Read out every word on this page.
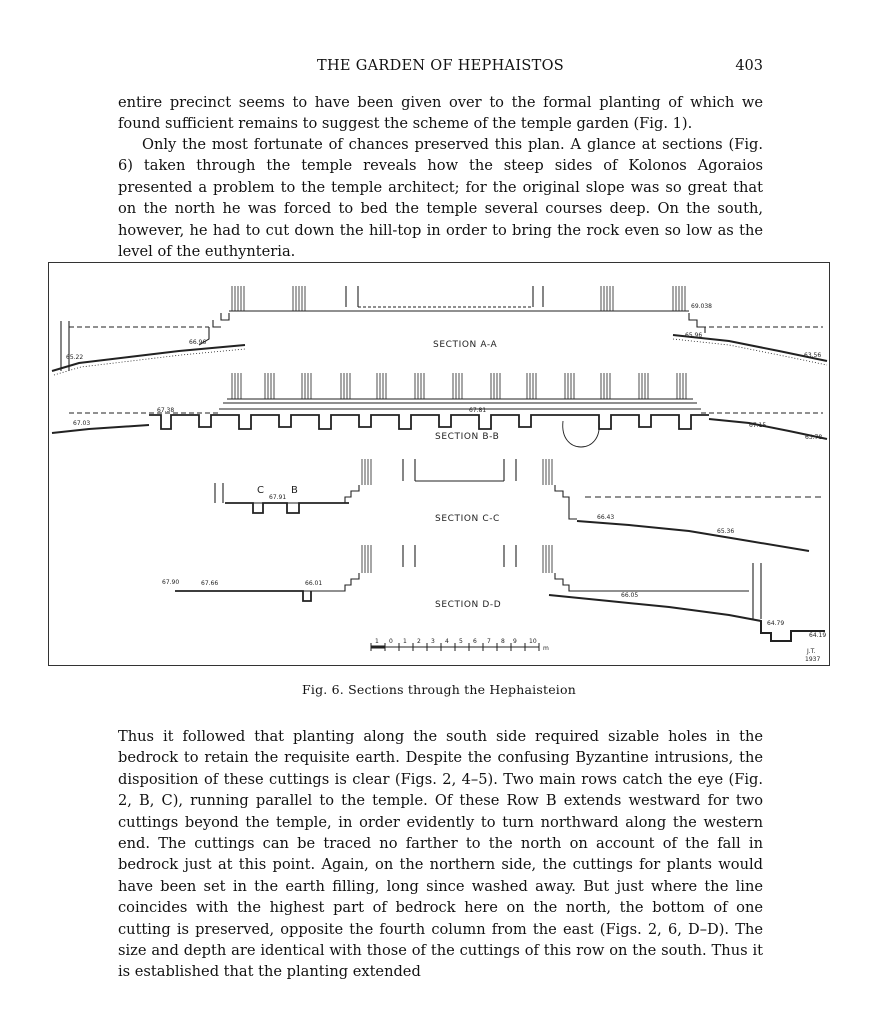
THE GARDEN OF HEPHAISTOS	403

entire precinct seems to have been given over to the formal planting of which we found sufficient remains to suggest the scheme of the temple garden (Fig. 1).

Only the most fortunate of chances preserved this plan. A glance at sections (Fig. 6) taken through the temple reveals how the steep sides of Kolonos Agoraios presented a problem to the temple architect; for the original slope was so great that on the north he was forced to bed the temple several courses deep. On the south, however, he had to cut down the hill-top in order to bring the rock even so low as the level of the euthynteria.

SECTION A-A
65.22
66.96
69.038
65.96
63.56
SECTION B-B
67.38
67.03
67.81
67.15
63.78
C	B
67.91
SECTION C-C	66.43
65.36
67.90	67.66	66.01
SECTION D-D
66.05
64.79
64.19
1 0 1 2 3 4 5 6 7 8 9 10
m	J.T.
1937
Fig. 6. Sections through the Hephaisteion

Thus it followed that planting along the south side required sizable holes in the bedrock to retain the requisite earth. Despite the confusing Byzantine intrusions, the disposition of these cuttings is clear (Figs. 2, 4–5). Two main rows catch the eye (Fig. 2, B, C), running parallel to the temple. Of these Row B extends westward for two cuttings beyond the temple, in order evidently to turn northward along the western end. The cuttings can be traced no farther to the north on account of the fall in bedrock just at this point. Again, on the northern side, the cuttings for plants would have been set in the earth filling, long since washed away. But just where the line coincides with the highest part of bedrock here on the north, the bottom of one cutting is preserved, opposite the fourth column from the east (Figs. 2, 6, D–D). The size and depth are identical with those of the cuttings of this row on the south. Thus it is established that the planting extended
